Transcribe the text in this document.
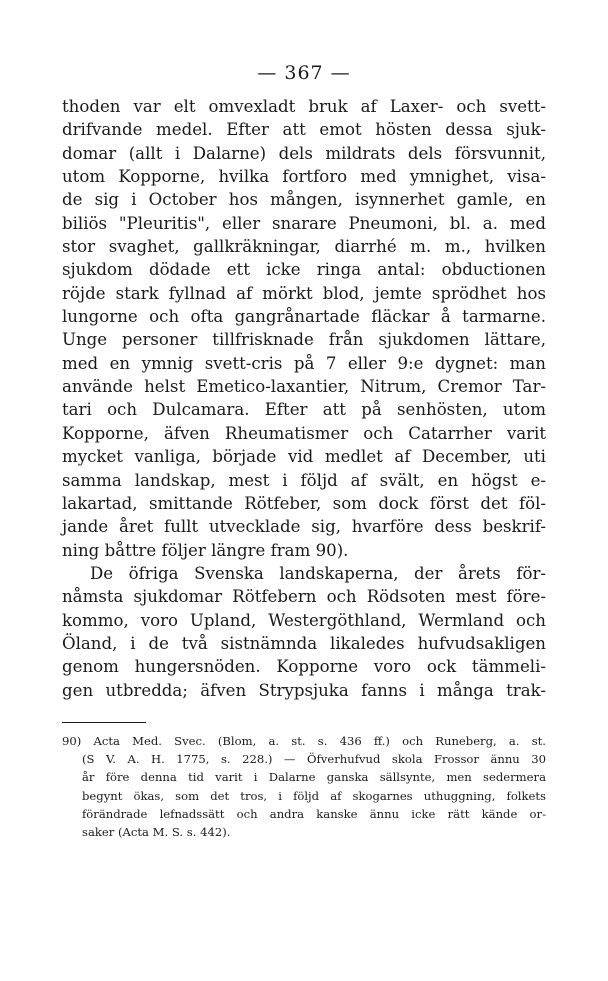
— 367 —
thoden var elt omvexladt bruk af Laxer- och svett-
drifvande medel. Efter att emot hösten dessa sjuk-
domar (allt i Dalarne) dels mildrats dels försvunnit,
utom Kopporne, hvilka fortforo med ymnighet, visa-
de sig i October hos mången, isynnerhet gamle, en
biliös "Pleuritis", eller snarare Pneumoni, bl. a. med
stor svaghet, gallkräkningar, diarrhé m. m., hvilken
sjukdom dödade ett icke ringa antal: obductionen
röjde stark fyllnad af mörkt blod, jemte sprödhet hos
lungorne och ofta gangrånartade fläckar å tarmarne.
Unge personer tillfrisknade från sjukdomen lättare,
med en ymnig svett-cris på 7 eller 9:e dygnet: man
använde helst Emetico-laxantier, Nitrum, Cremor Tar-
tari och Dulcamara. Efter att på senhösten, utom
Kopporne, äfven Rheumatismer och Catarrher varit
mycket vanliga, började vid medlet af December, uti
samma landskap, mest i följd af svält, en högst e-
lakartad, smittande Rötfeber, som dock först det föl-
jande året fullt utvecklade sig, hvarföre dess beskrif-
ning båttre följer längre fram 90).
De öfriga Svenska landskaperna, der årets för-
nåmsta sjukdomar Rötfebern och Rödsoten mest före-
kommo, voro Upland, Westergöthland, Wermland och
Öland, i de två sistnämnda likaledes hufvudsakligen
genom hungersnöden. Kopporne voro ock tämmeli-
gen utbredda; äfven Strypsjuka fanns i många trak-
90) Acta Med. Svec. (Blom, a. st. s. 436 ff.) och Runeberg, a. st.
(S V. A. H. 1775, s. 228.) — Öfverhufvud skola Frossor ännu 30
år före denna tid varit i Dalarne ganska sällsynte, men sedermera
begynt ökas, som det tros, i följd af skogarnes uthuggning, folkets
förändrade lefnadssätt och andra kanske ännu icke rätt kände or-
saker (Acta M. S. s. 442).
